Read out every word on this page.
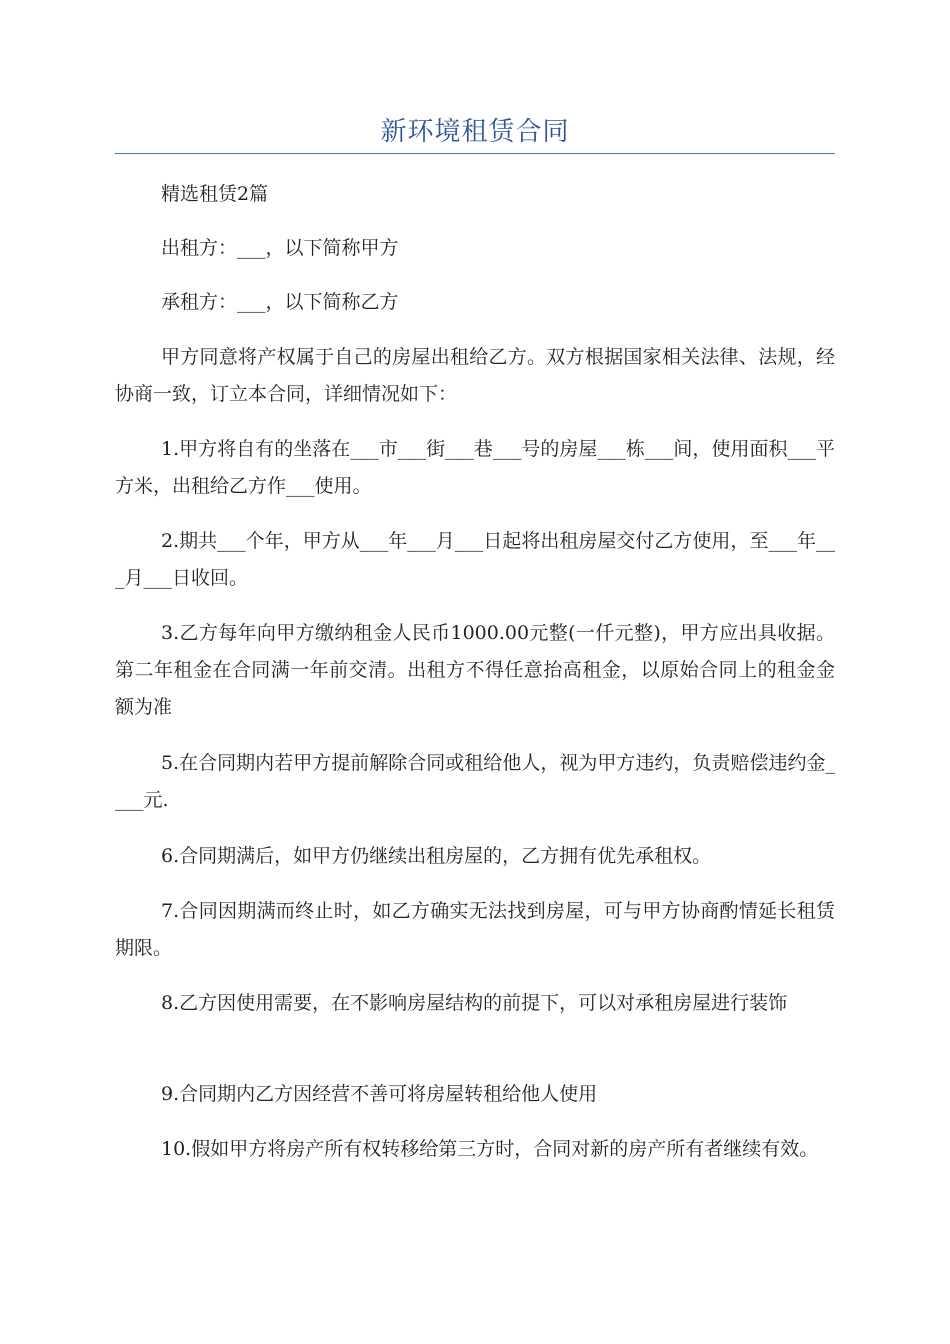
新环境租赁合同

精选租赁2篇

出租方：___，以下简称甲方

承租方：___，以下简称乙方

甲方同意将产权属于自己的房屋出租给乙方。双方根据国家相关法律、法规，经协商一致，订立本合同，详细情况如下：

1.甲方将自有的坐落在___市___街___巷___号的房屋___栋___间，使用面积___平方米，出租给乙方作___使用。

2.期共___个年，甲方从___年___月___日起将出租房屋交付乙方使用，至___年___月___日收回。

3.乙方每年向甲方缴纳租金人民币1000.00元整(一仟元整)，甲方应出具收据。第二年租金在合同满一年前交清。出租方不得任意抬高租金，以原始合同上的租金金额为准

5.在合同期内若甲方提前解除合同或租给他人，视为甲方违约，负责赔偿违约金____元.

6.合同期满后，如甲方仍继续出租房屋的，乙方拥有优先承租权。

7.合同因期满而终止时，如乙方确实无法找到房屋，可与甲方协商酌情延长租赁期限。

8.乙方因使用需要，在不影响房屋结构的前提下，可以对承租房屋进行装饰

9.合同期内乙方因经营不善可将房屋转租给他人使用

10.假如甲方将房产所有权转移给第三方时，合同对新的房产所有者继续有效。
